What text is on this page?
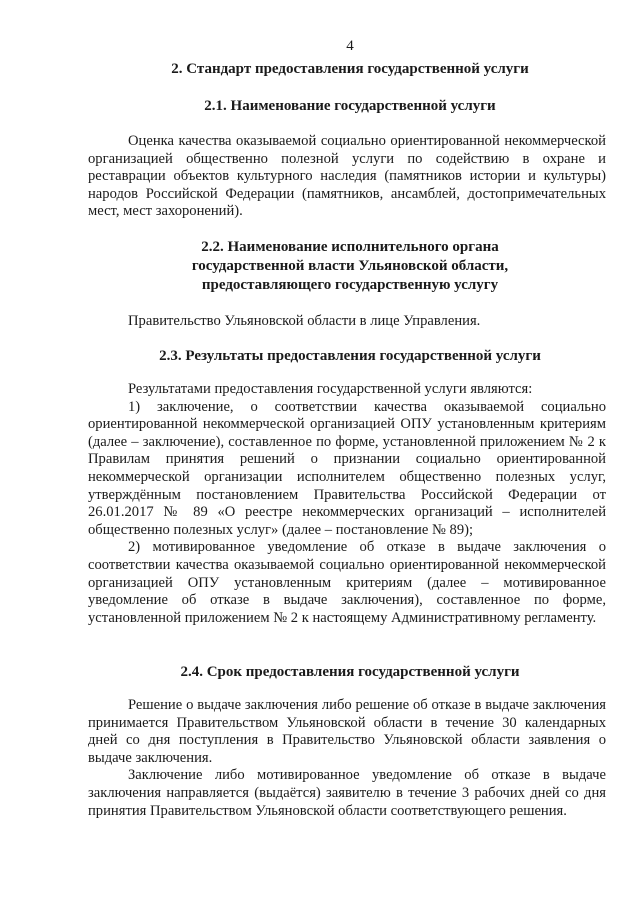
4
2. Стандарт предоставления государственной услуги
2.1. Наименование государственной услуги
Оценка качества оказываемой социально ориентированной некоммерческой организацией общественно полезной услуги по содействию в охране и реставрации объектов культурного наследия (памятников истории и культуры) народов Российской Федерации (памятников, ансамблей, достопримечательных мест, мест захоронений).
2.2. Наименование исполнительного органа
государственной власти Ульяновской области,
предоставляющего государственную услугу
Правительство Ульяновской области в лице Управления.
2.3. Результаты предоставления государственной услуги
Результатами предоставления государственной услуги являются:
1) заключение, о соответствии качества оказываемой социально ориентированной некоммерческой организацией ОПУ установленным критериям (далее – заключение), составленное по форме, установленной приложением № 2 к Правилам принятия решений о признании социально ориентированной некоммерческой организации исполнителем общественно полезных услуг, утверждённым постановлением Правительства Российской Федерации от 26.01.2017 № 89 «О реестре некоммерческих организаций – исполнителей общественно полезных услуг» (далее – постановление № 89);
2) мотивированное уведомление об отказе в выдаче заключения о соответствии качества оказываемой социально ориентированной некоммерческой организацией ОПУ установленным критериям (далее – мотивированное уведомление об отказе в выдаче заключения), составленное по форме, установленной приложением № 2 к настоящему Административному регламенту.
2.4. Срок предоставления государственной услуги
Решение о выдаче заключения либо решение об отказе в выдаче заключения принимается Правительством Ульяновской области в течение 30 календарных дней со дня поступления в Правительство Ульяновской области заявления о выдаче заключения.
Заключение либо мотивированное уведомление об отказе в выдаче заключения направляется (выдаётся) заявителю в течение 3 рабочих дней со дня принятия Правительством Ульяновской области соответствующего решения.
